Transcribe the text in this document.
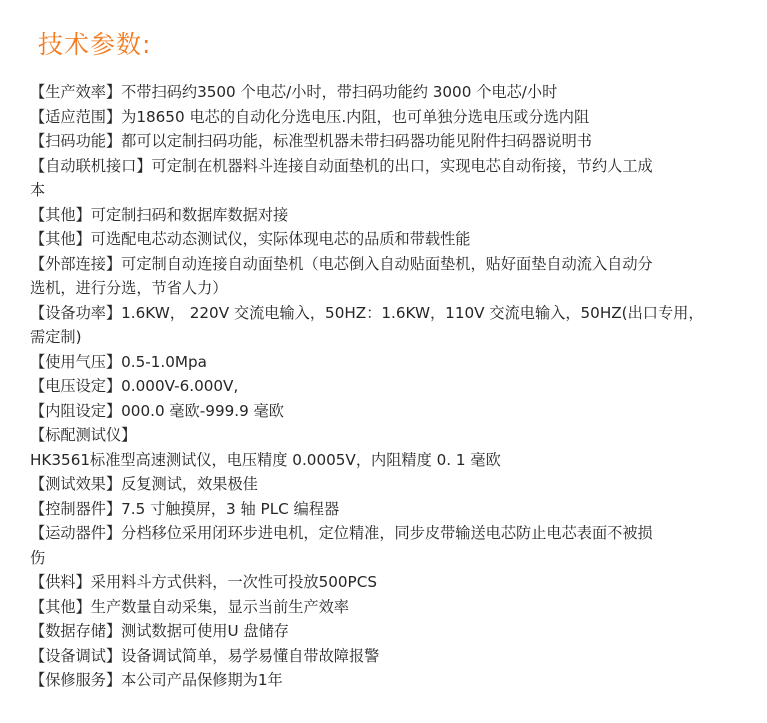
技术参数:
【生产效率】不带扫码约3500 个电芯/小时，带扫码功能约 3000 个电芯/小时
【适应范围】为18650 电芯的自动化分选电压.内阻，也可单独分选电压或分选内阻
【扫码功能】都可以定制扫码功能，标准型机器未带扫码器功能见附件扫码器说明书
【自动联机接口】可定制在机器料斗连接自动面垫机的出口，实现电芯自动衔接，节约人工成
本
【其他】可定制扫码和数据库数据对接
【其他】可选配电芯动态测试仪，实际体现电芯的品质和带载性能
【外部连接】可定制自动连接自动面垫机（电芯倒入自动贴面垫机，贴好面垫自动流入自动分
选机，进行分选，节省人力）
【设备功率】1.6KW， 220V 交流电输入，50HZ：1.6KW，110V 交流电输入，50HZ(出口专用，
需定制)
【使用气压】0.5-1.0Mpa
【电压设定】0.000V-6.000V,
【内阻设定】000.0 毫欧-999.9 毫欧
【标配测试仪】
HK3561标准型高速测试仪，电压精度 0.0005V，内阻精度 0. 1 毫欧
【测试效果】反复测试，效果极佳
【控制器件】7.5 寸触摸屏，3 轴 PLC 编程器
【运动器件】分档移位采用闭环步进电机，定位精准，同步皮带输送电芯防止电芯表面不被损
伤
【供料】采用料斗方式供料，一次性可投放500PCS
【其他】生产数量自动采集，显示当前生产效率
【数据存储】测试数据可使用U 盘储存
【设备调试】设备调试简单，易学易懂自带故障报警
【保修服务】本公司产品保修期为1年
